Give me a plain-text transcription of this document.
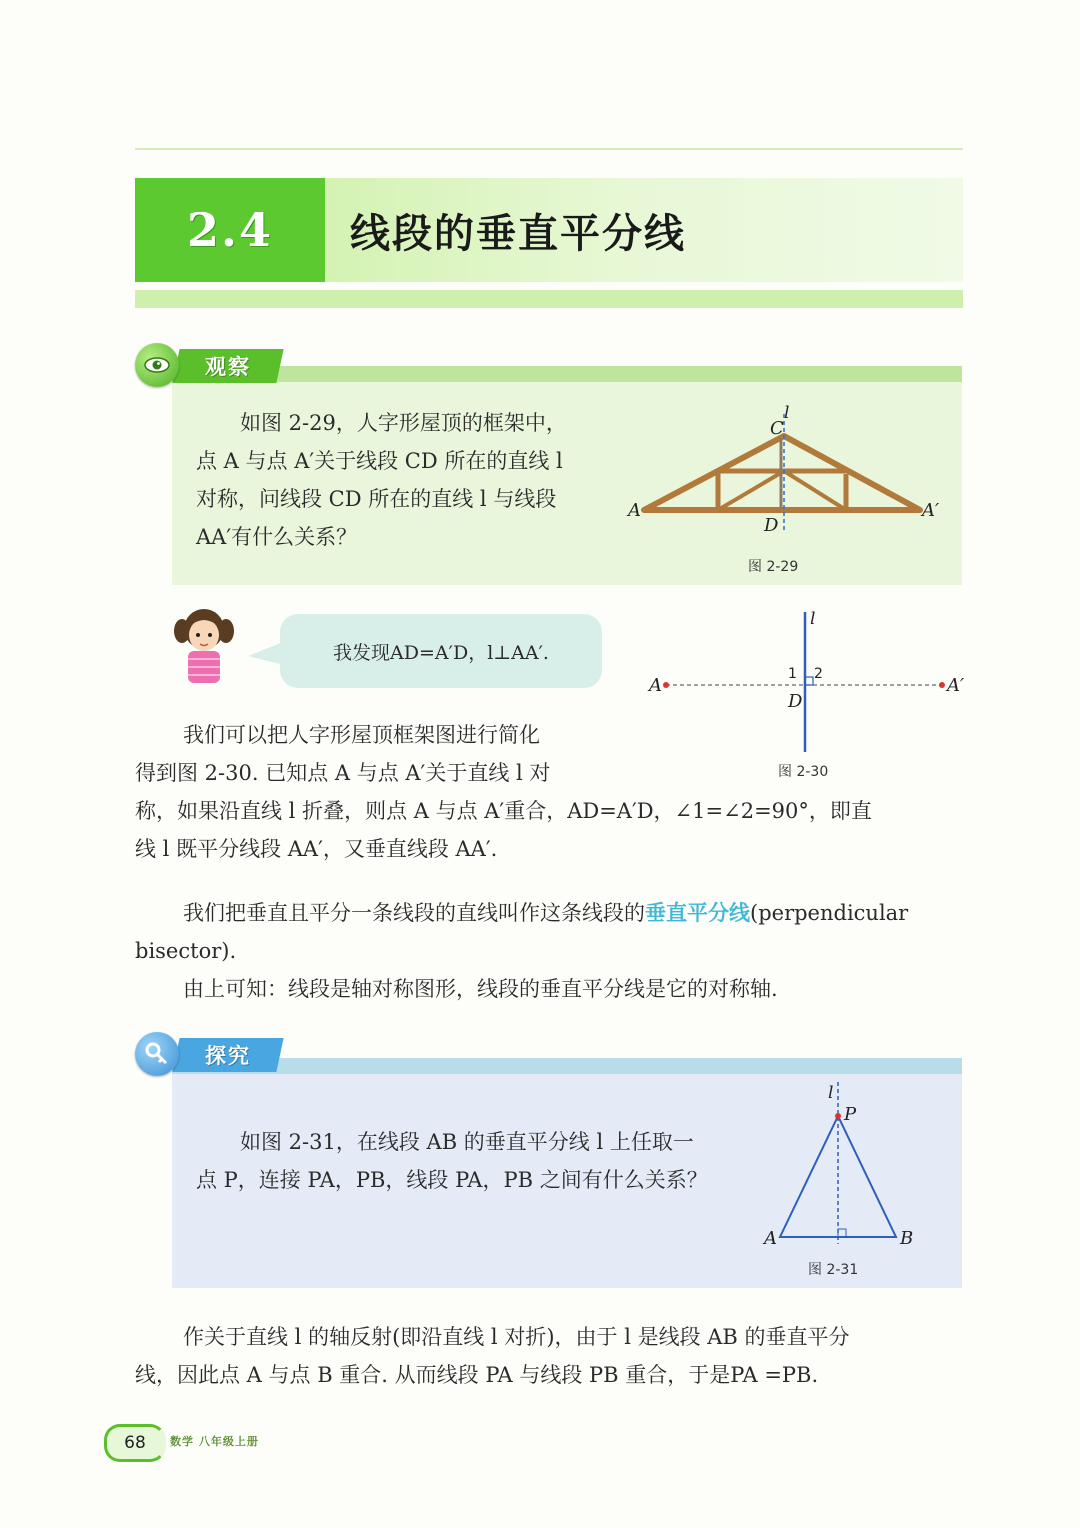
2.4 线段的垂直平分线
观察

如图 2-29，人字形屋顶的框架中，

点 A 与点 A′关于线段 CD 所在的直线 l

对称，问线段 CD 所在的直线 l 与线段

AA′有什么关系？

C
l
A	A′
D
图 2-29
我发现AD=A′D，l⊥AA′.
l
A	A′
D
1 2
图 2-30

我们可以把人字形屋顶框架图进行简化

得到图 2-30. 已知点 A 与点 A′关于直线 l 对

称，如果沿直线 l 折叠，则点 A 与点 A′重合，AD=A′D，∠1=∠2=90°，即直

线 l 既平分线段 AA′，又垂直线段 AA′.

我们把垂直且平分一条线段的直线叫作这条线段的垂直平分线(perpendicular

bisector).

由上可知：线段是轴对称图形，线段的垂直平分线是它的对称轴.

探究

如图 2-31，在线段 AB 的垂直平分线 l 上任取一

点 P，连接 PA，PB，线段 PA，PB 之间有什么关系？

l
P
A	B
图 2-31

作关于直线 l 的轴反射(即沿直线 l 对折)，由于 l 是线段 AB 的垂直平分

线，因此点 A 与点 B 重合. 从而线段 PA 与线段 PB 重合，于是PA =PB.

68 数学 八年级上册
